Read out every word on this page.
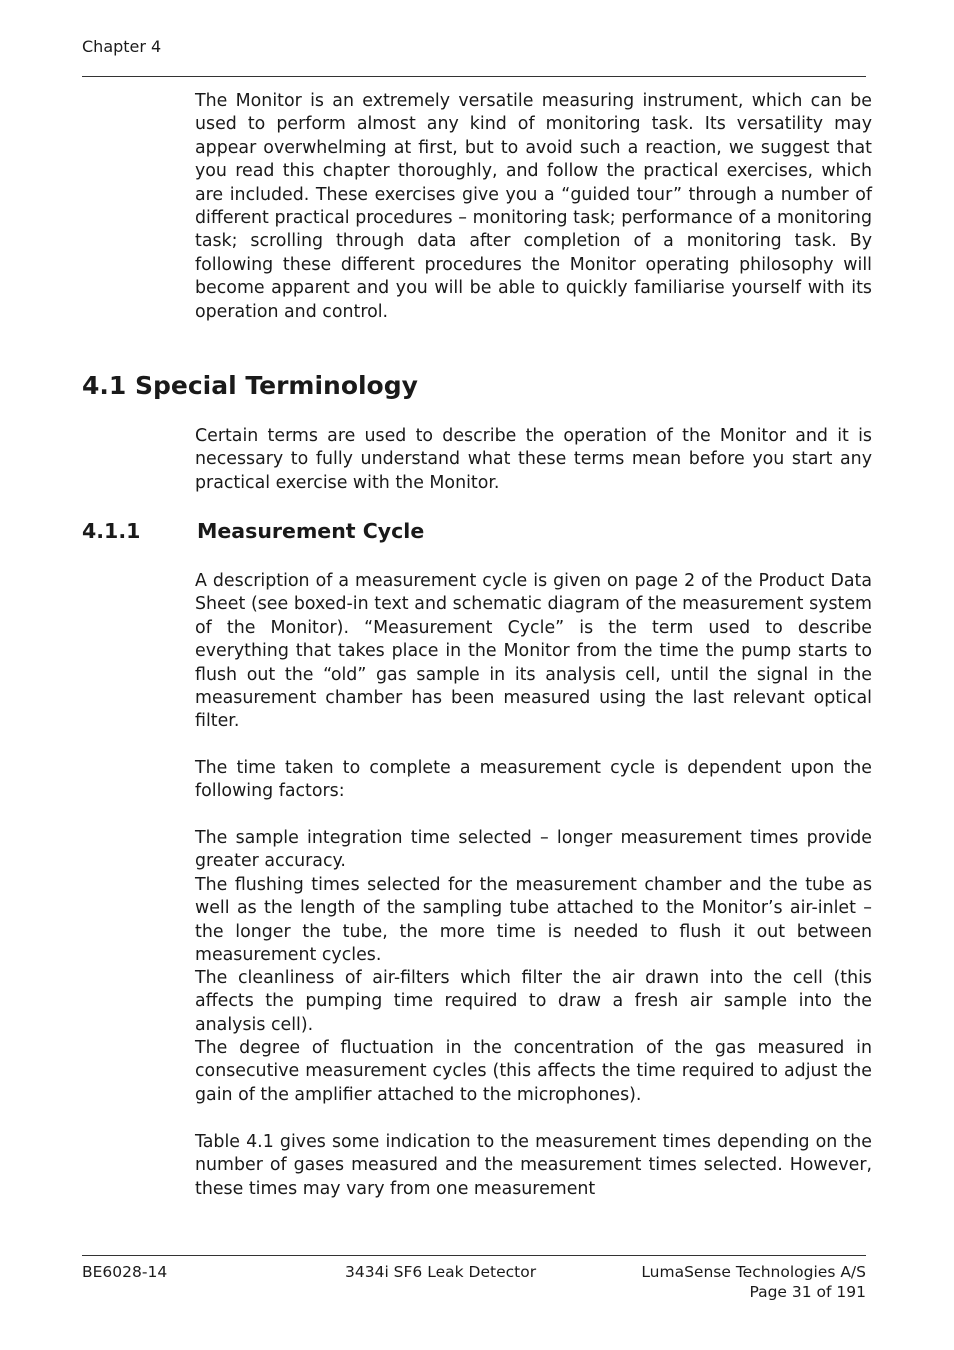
Chapter 4

The Monitor is an extremely versatile measuring instrument, which can be used to perform almost any kind of monitoring task. Its versatility may appear overwhelming at first, but to avoid such a reaction, we suggest that you read this chapter thoroughly, and follow the practical exercises, which are included. These exercises give you a “guided tour” through a number of different practical procedures – monitoring task; performance of a monitoring task; scrolling through data after completion of a monitoring task. By following these different procedures the Monitor operating philosophy will become apparent and you will be able to quickly familiarise yourself with its operation and control.

4.1 Special Terminology

Certain terms are used to describe the operation of the Monitor and it is necessary to fully understand what these terms mean before you start any practical exercise with the Monitor.

4.1.1	Measurement Cycle

A description of a measurement cycle is given on page 2 of the Product Data Sheet (see boxed-in text and schematic diagram of the measurement system of the Monitor). “Measurement Cycle” is the term used to describe everything that takes place in the Monitor from the time the pump starts to flush out the “old” gas sample in its analysis cell, until the signal in the measurement chamber has been measured using the last relevant optical filter.

The time taken to complete a measurement cycle is dependent upon the following factors:

The sample integration time selected – longer measurement times provide greater accuracy.

The flushing times selected for the measurement chamber and the tube as well as the length of the sampling tube attached to the Monitor’s air-inlet – the longer the tube, the more time is needed to flush it out between measurement cycles.

The cleanliness of air-filters which filter the air drawn into the cell (this affects the pumping time required to draw a fresh air sample into the analysis cell).

The degree of fluctuation in the concentration of the gas measured in consecutive measurement cycles (this affects the time required to adjust the gain of the amplifier attached to the microphones).

Table 4.1 gives some indication to the measurement times depending on the number of gases measured and the measurement times selected. However, these times may vary from one measurement

BE6028-14	3434i SF6 Leak Detector	LumaSense Technologies A/S
Page 31 of 191
